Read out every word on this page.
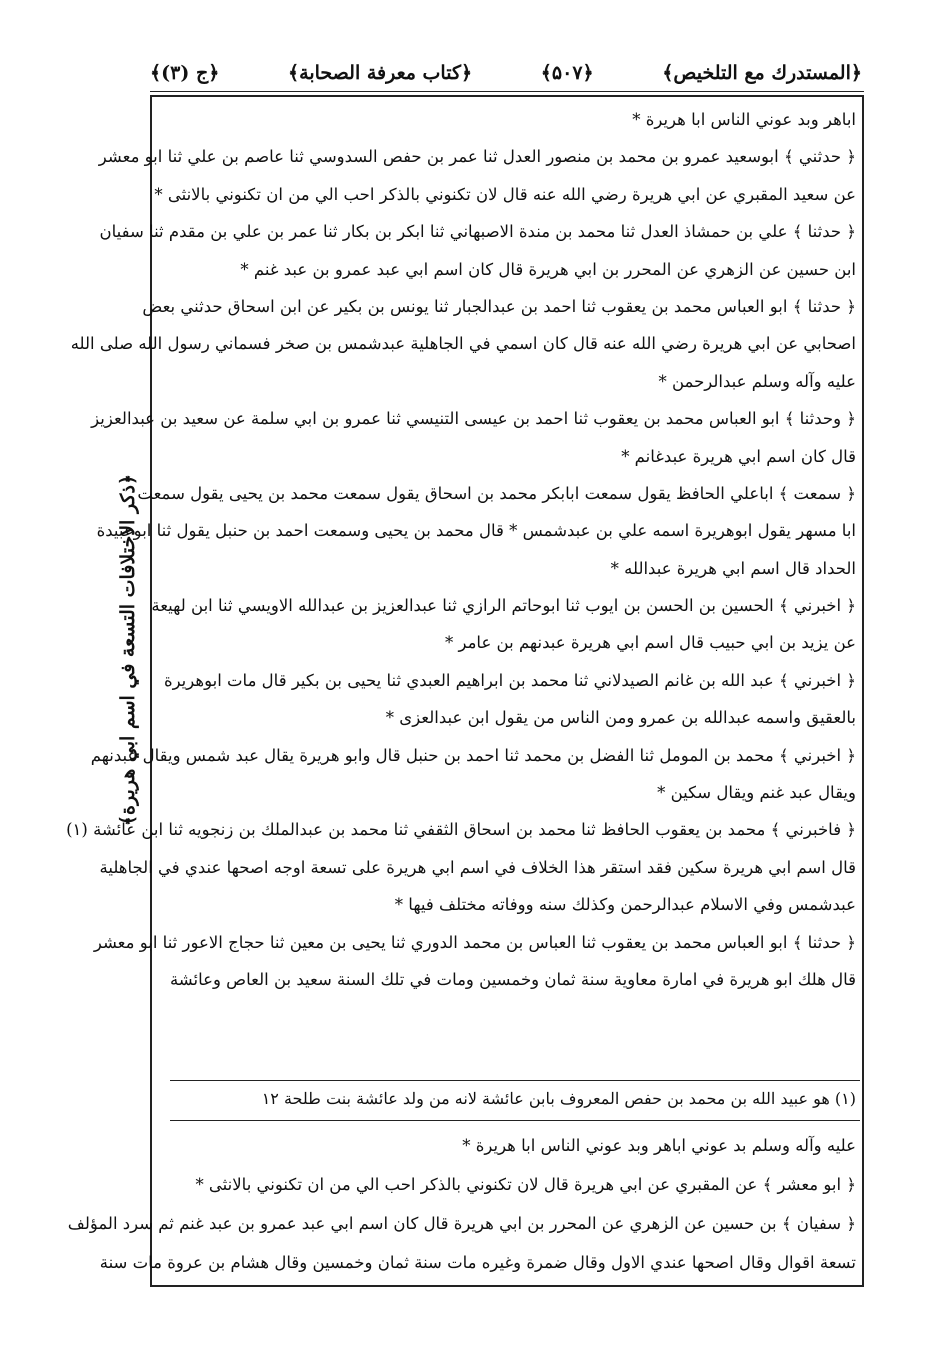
﴿المستدرك مع التلخيص﴾
﴿۵۰۷﴾
﴿كتاب معرفة الصحابة﴾
﴿ج (۳)﴾
﴿ذكر الاختلافات التسعة في اسم ابي هريرة﴾
اباهر وبد عوني الناس ابا هريرة *
﴿ حدثني ﴾ ابوسعيد عمرو بن محمد بن منصور العدل ثنا عمر بن حفص السدوسي ثنا عاصم بن علي ثنا ابو معشر
عن سعيد المقبري عن ابي هريرة رضي الله عنه قال لان تكنوني بالذكر احب الي من ان تكنوني بالانثى *
﴿ حدثنا ﴾ علي بن حمشاذ العدل ثنا محمد بن مندة الاصبهاني ثنا ابكر بن بكار ثنا عمر بن علي بن مقدم ثنا سفيان
ابن حسين عن الزهري عن المحرر بن ابي هريرة قال كان اسم ابي عبد عمرو بن عبد غنم *
﴿ حدثنا ﴾ ابو العباس محمد بن يعقوب ثنا احمد بن عبدالجبار ثنا يونس بن بكير عن ابن اسحاق حدثني بعض
اصحابي عن ابي هريرة رضي الله عنه قال كان اسمي في الجاهلية عبدشمس بن صخر فسماني رسول الله صلى الله
عليه وآله وسلم عبدالرحمن *
﴿ وحدثنا ﴾ ابو العباس محمد بن يعقوب ثنا احمد بن عيسى التنيسي ثنا عمرو بن ابي سلمة عن سعيد بن عبدالعزيز
قال كان اسم ابي هريرة عبدغانم *
﴿ سمعت ﴾ اباعلي الحافظ يقول سمعت ابابكر محمد بن اسحاق يقول سمعت محمد بن يحيى يقول سمعت
ابا مسهر يقول ابوهريرة اسمه علي بن عبدشمس * قال محمد بن يحيى وسمعت احمد بن حنبل يقول ثنا ابوعبيدة
الحداد قال اسم ابي هريرة عبدالله *
﴿ اخبرني ﴾ الحسين بن الحسن بن ايوب ثنا ابوحاتم الرازي ثنا عبدالعزيز بن عبدالله الاويسي ثنا ابن لهيعة
عن يزيد بن ابي حبيب قال اسم ابي هريرة عبدنهم بن عامر *
﴿ اخبرني ﴾ عبد الله بن غانم الصيدلاني ثنا محمد بن ابراهيم العبدي ثنا يحيى بن بكير قال مات ابوهريرة
بالعقيق واسمه عبدالله بن عمرو ومن الناس من يقول ابن عبدالعزى *
﴿ اخبرني ﴾ محمد بن المومل ثنا الفضل بن محمد ثنا احمد بن حنبل قال وابو هريرة يقال عبد شمس ويقال عبدنهم
ويقال عبد غنم ويقال سكين *
﴿ فاخبرني ﴾ محمد بن يعقوب الحافظ ثنا محمد بن اسحاق الثقفي ثنا محمد بن عبدالملك بن زنجويه ثنا ابن عائشة (۱)
قال اسم ابي هريرة سكين فقد استقر هذا الخلاف في اسم ابي هريرة على تسعة اوجه اصحها عندي في الجاهلية
عبدشمس وفي الاسلام عبدالرحمن وكذلك سنه ووفاته مختلف فيها *
﴿ حدثنا ﴾ ابو العباس محمد بن يعقوب ثنا العباس بن محمد الدوري ثنا يحيى بن معين ثنا حجاج الاعور ثنا ابو معشر
قال هلك ابو هريرة في امارة معاوية سنة ثمان وخمسين ومات في تلك السنة سعيد بن العاص وعائشة
(۱) هو عبيد الله بن محمد بن حفص المعروف بابن عائشة لانه من ولد عائشة بنت طلحة ۱۲
عليه وآله وسلم بد عوني اباهر وبد عوني الناس ابا هريرة *
﴿ ابو معشر ﴾ عن المقبري عن ابي هريرة قال لان تكنوني بالذكر احب الي من ان تكنوني بالانثى *
﴿ سفيان ﴾ بن حسين عن الزهري عن المحرر بن ابي هريرة قال كان اسم ابي عبد عمرو بن عبد غنم ثم سرد المؤلف
تسعة اقوال وقال اصحها عندي الاول وقال ضمرة وغيره مات سنة ثمان وخمسين وقال هشام بن عروة مات سنة
